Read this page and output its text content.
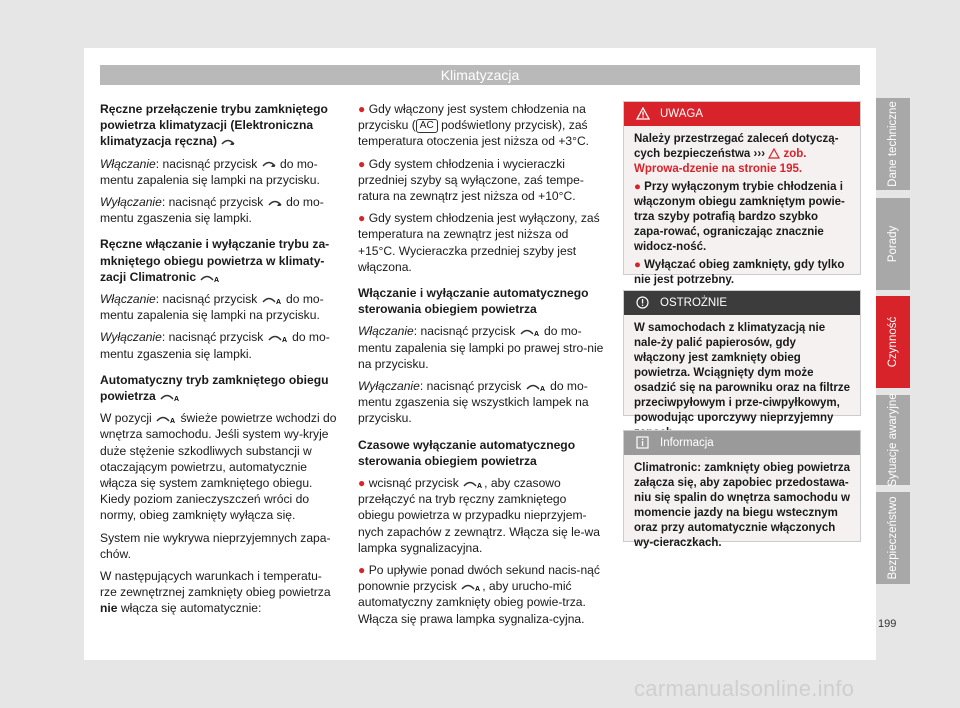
Klimatyzacja
Ręczne przełączenie trybu zamkniętego powietrza klimatyzacji (Elektroniczna klimatyzacja ręczna)

Włączanie: nacisnąć przycisk do mo-mentu zapalenia się lampki na przycisku.

Wyłączanie: nacisnąć przycisk do mo-mentu zgaszenia się lampki.

Ręczne włączanie i wyłączanie trybu za-mkniętego obiegu powietrza w klimaty-zacji Climatronic	A

Włączanie: nacisnąć przycisk	A do mo-mentu zapalenia się lampki na przycisku.

Wyłączanie: nacisnąć przycisk	A do mo-mentu zgaszenia się lampki.

Automatyczny tryb zamkniętego obiegu powietrza	A

W pozycji	A świeże powietrze wchodzi do wnętrza samochodu. Jeśli system wy-kryje duże stężenie szkodliwych substancji w otaczającym powietrzu, automatycznie włącza się system zamkniętego obiegu. Kiedy poziom zanieczyszczeń wróci do normy, obieg zamknięty wyłącza się.

System nie wykrywa nieprzyjemnych zapa-chów.

W następujących warunkach i temperatu-rze zewnętrznej zamknięty obieg powietrza nie włącza się automatycznie:

● Gdy włączony jest system chłodzenia na przycisku ( AC podświetlony przycisk), zaś temperatura otoczenia jest niższa od +3°C.

● Gdy system chłodzenia i wycieraczki przedniej szyby są wyłączone, zaś tempe-ratura na zewnątrz jest niższa od +10°C.

● Gdy system chłodzenia jest wyłączony, zaś temperatura na zewnątrz jest niższa od +15°C. Wycieraczka przedniej szyby jest włączona.

Włączanie i wyłączanie automatycznego sterowania obiegiem powietrza

Włączanie: nacisnąć przycisk	A do mo-mentu zapalenia się lampki po prawej stro-nie na przycisku.

Wyłączanie: nacisnąć przycisk	A do mo-mentu zgaszenia się wszystkich lampek na przycisku.

Czasowe wyłączanie automatycznego sterowania obiegiem powietrza

● wcisnąć przycisk	A , aby czasowo przełączyć na tryb ręczny zamkniętego obiegu powietrza w przypadku nieprzyjem-nych zapachów z zewnątrz. Włącza się le-wa lampka sygnalizacyjna.

● Po upływie ponad dwóch sekund nacis-nąć ponownie przycisk	A , aby urucho-mić automatyczny zamknięty obieg powie-trza. Włącza się prawa lampka sygnaliza-cyjna.

UWAGA

Należy przestrzegać zaleceń dotyczą-cych bezpieczeństwa ››› zob. Wprowa-dzenie na stronie 195.

● Przy wyłączonym trybie chłodzenia i włączonym obiegu zamkniętym powie-trza szyby potrafią bardzo szybko zapa-rować, ograniczając znacznie widocz-ność.

● Wyłączać obieg zamknięty, gdy tylko nie jest potrzebny.

OSTROŻNIE
W samochodach z klimatyzacją nie nale-ży palić papierosów, gdy włączony jest zamknięty obieg powietrza. Wciągnięty dym może osadzić się na parowniku oraz na filtrze przeciwpyłowym i prze-ciwpyłkowym, powodując uporczywy nieprzyjemny
Informacja
Climatronic: zamknięty obieg powietrza załącza się, aby zapobiec przedostawa-niu się spalin do wnętrza samochodu w momencie jazdy na biegu wstecznym oraz przy automatycznie włączonych wy-cieraczkach.
Dane techniczne
Porady
Czynność
Sytuacje awaryjne
Bezpieczeństwo
199
carmanualsonline.info
